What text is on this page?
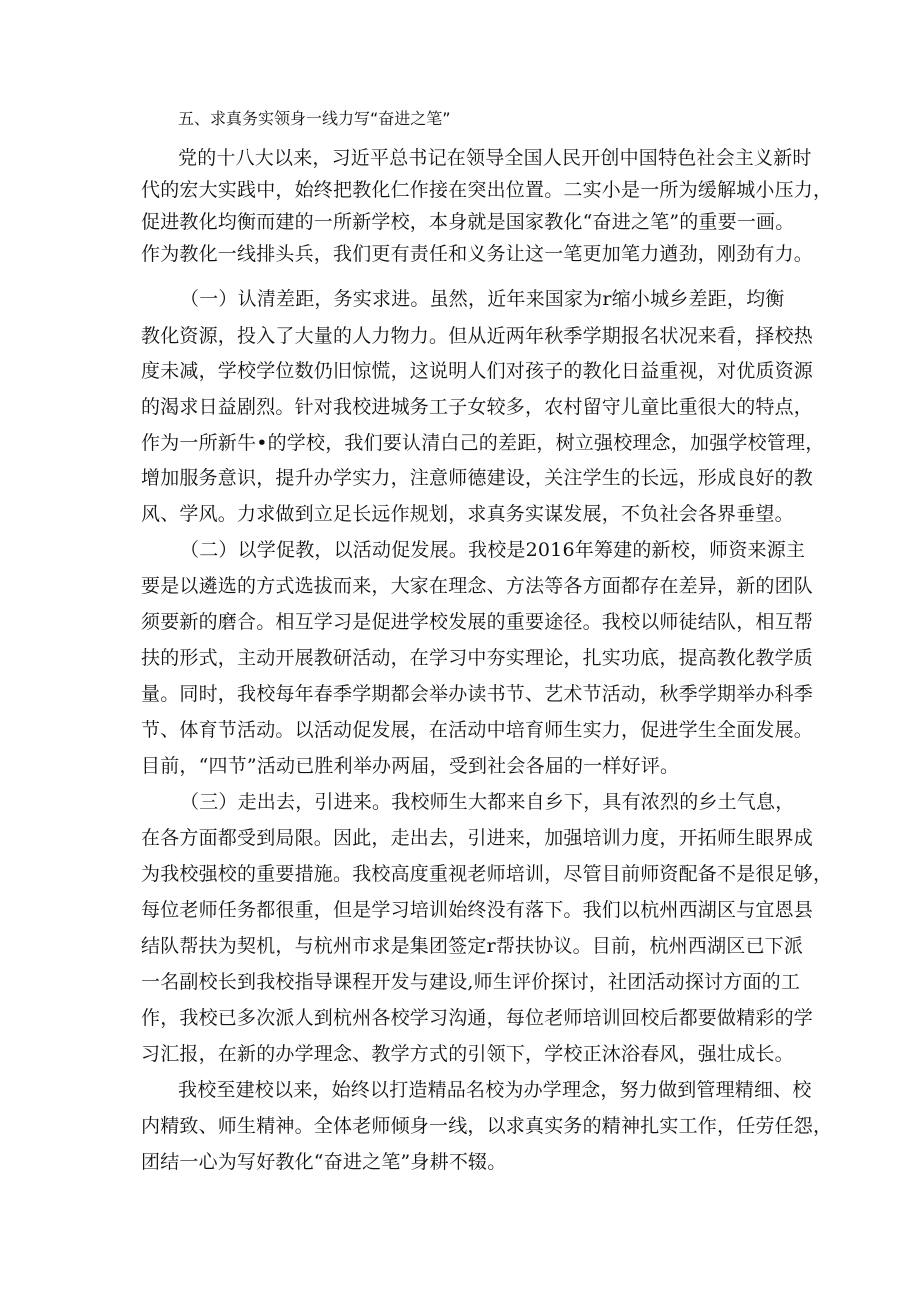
五、求真务实领身一线力写“奋进之笔”

党的十八大以来，习近平总书记在领导全国人民开创中国特色社会主义新时

代的宏大实践中，始终把教化仁作接在突出位置。二实小是一所为缓解城小压力，

促进教化均衡而建的一所新学校，本身就是国家教化“奋进之笔”的重要一画。

作为教化一线排头兵，我们更有责任和义务让这一笔更加笔力遒劲，刚劲有力。

（一）认清差距，务实求进。虽然，近年来国家为r缩小城乡差距，均衡

教化资源，投入了大量的人力物力。但从近两年秋季学期报名状况来看，择校热

度未减，学校学位数仍旧惊慌，这说明人们对孩子的教化日益重视，对优质资源

的渴求日益剧烈。针对我校进城务工子女较多，农村留守儿童比重很大的特点，

作为一所新牛•的学校，我们要认清白己的差距，树立强校理念，加强学校管理，

增加服务意识，提升办学实力，注意师德建设，关注学生的长远，形成良好的教

风、学风。力求做到立足长远作规划，求真务实谋发展，不负社会各界垂望。

（二）以学促教，以活动促发展。我校是2016年筹建的新校，师资来源主

要是以遴选的方式选拔而来，大家在理念、方法等各方面都存在差异，新的团队

须要新的磨合。相互学习是促进学校发展的重要途径。我校以师徒结队，相互帮

扶的形式，主动开展教研活动，在学习中夯实理论，扎实功底，提高教化教学质

量。同时，我校每年春季学期都会举办读书节、艺术节活动，秋季学期举办科季

节、体育节活动。以活动促发展，在活动中培育师生实力，促进学生全面发展。

目前，“四节”活动已胜利举办两届，受到社会各届的一样好评。

（三）走出去，引进来。我校师生大都来自乡下，具有浓烈的乡土气息，

在各方面都受到局限。因此，走出去，引进来，加强培训力度，开拓师生眼界成

为我校强校的重要措施。我校高度重视老师培训，尽管目前师资配备不是很足够，

每位老师任务都很重，但是学习培训始终没有落下。我们以杭州西湖区与宜恩县

结队帮扶为契机，与杭州市求是集团签定r帮扶协议。目前，杭州西湖区已下派

一名副校长到我校指导课程开发与建设,师生评价探讨，社团活动探讨方面的工

作，我校已多次派人到杭州各校学习沟通，每位老师培训回校后都要做精彩的学

习汇报，在新的办学理念、教学方式的引领下，学校正沐浴春风，强壮成长。

我校至建校以来，始终以打造精品名校为办学理念，努力做到管理精细、校

内精致、师生精神。全体老师倾身一线，以求真实务的精神扎实工作，任劳任怨，

团结一心为写好教化“奋进之笔”身耕不辍。
